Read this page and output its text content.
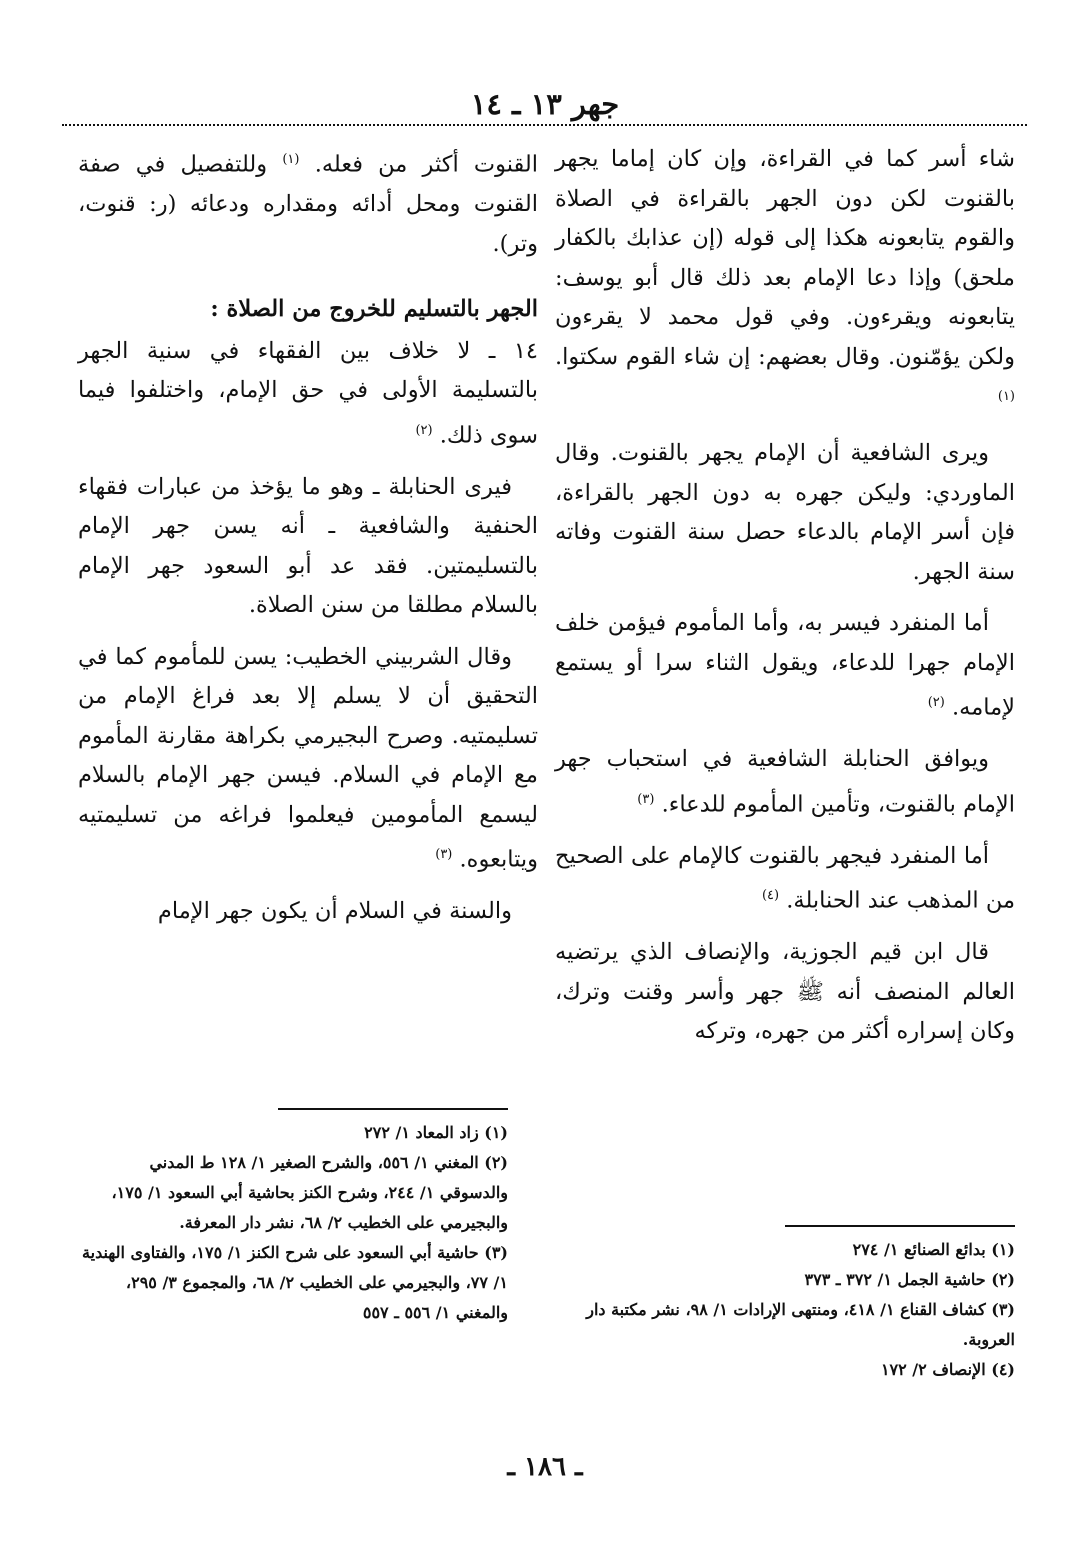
جهر ١٣ ـ ١٤

شاء أسر كما في القراءة، وإن كان إماما يجهر بالقنوت لكن دون الجهر بالقراءة في الصلاة والقوم يتابعونه هكذا إلى قوله (إن عذابك بالكفار ملحق) وإذا دعا الإمام بعد ذلك قال أبو يوسف: يتابعونه ويقرءون. وفي قول محمد لا يقرءون ولكن يؤمّنون. وقال بعضهم: إن شاء القوم سكتوا. $^{(١)}$

ويرى الشافعية أن الإمام يجهر بالقنوت. وقال الماوردي: وليكن جهره به دون الجهر بالقراءة، فإن أسر الإمام بالدعاء حصل سنة القنوت وفاته سنة الجهر.

أما المنفرد فيسر به، وأما المأموم فيؤمن خلف الإمام جهرا للدعاء، ويقول الثناء سرا أو يستمع لإمامه. $^{(٢)}$

ويوافق الحنابلة الشافعية في استحباب جهر الإمام بالقنوت، وتأمين المأموم للدعاء. $^{(٣)}$

أما المنفرد فيجهر بالقنوت كالإمام على الصحيح من المذهب عند الحنابلة. $^{(٤)}$

قال ابن قيم الجوزية، والإنصاف الذي يرتضيه العالم المنصف أنه ﷺ جهر وأسر وقنت وترك، وكان إسراره أكثر من جهره، وتركه

القنوت أكثر من فعله. $^{(١)}$ وللتفصيل في صفة القنوت ومحل أدائه ومقداره ودعائه (ر: قنوت، وتر).

الجهر بالتسليم للخروج من الصلاة :

١٤ ـ لا خلاف بين الفقهاء في سنية الجهر بالتسليمة الأولى في حق الإمام، واختلفوا فيما سوى ذلك. $^{(٢)}$

فيرى الحنابلة ـ وهو ما يؤخذ من عبارات فقهاء الحنفية والشافعية ـ أنه يسن جهر الإمام بالتسليمتين. فقد عد أبو السعود جهر الإمام بالسلام مطلقا من سنن الصلاة.

وقال الشربيني الخطيب: يسن للمأموم كما في التحقيق أن لا يسلم إلا بعد فراغ الإمام من تسليمتيه. وصرح البجيرمي بكراهة مقارنة المأموم مع الإمام في السلام. فيسن جهر الإمام بالسلام ليسمع المأمومين فيعلموا فراغه من تسليمتيه ويتابعوه. $^{(٣)}$

والسنة في السلام أن يكون جهر الإمام

(١) بدائع الصنائع ١/ ٢٧٤
(٢) حاشية الجمل ١/ ٣٧٢ ـ ٣٧٣
(٣) كشاف القناع ١/ ٤١٨، ومنتهى الإرادات ١/ ٩٨، نشر مكتبة دار العروبة.
(٤) الإنصاف ٢/ ١٧٢
(١) زاد المعاد ١/ ٢٧٢
(٢) المغني ١/ ٥٥٦، والشرح الصغير ١/ ١٢٨ ط المدني والدسوقي ١/ ٢٤٤، وشرح الكنز بحاشية أبي السعود ١/ ١٧٥، والبجيرمي على الخطيب ٢/ ٦٨، نشر دار المعرفة.
(٣) حاشية أبي السعود على شرح الكنز ١/ ١٧٥، والفتاوى الهندية ١/ ٧٧، والبجيرمي على الخطيب ٢/ ٦٨، والمجموع ٣/ ٢٩٥، والمغني ١/ ٥٥٦ ـ ٥٥٧
ـ ١٨٦ ـ
